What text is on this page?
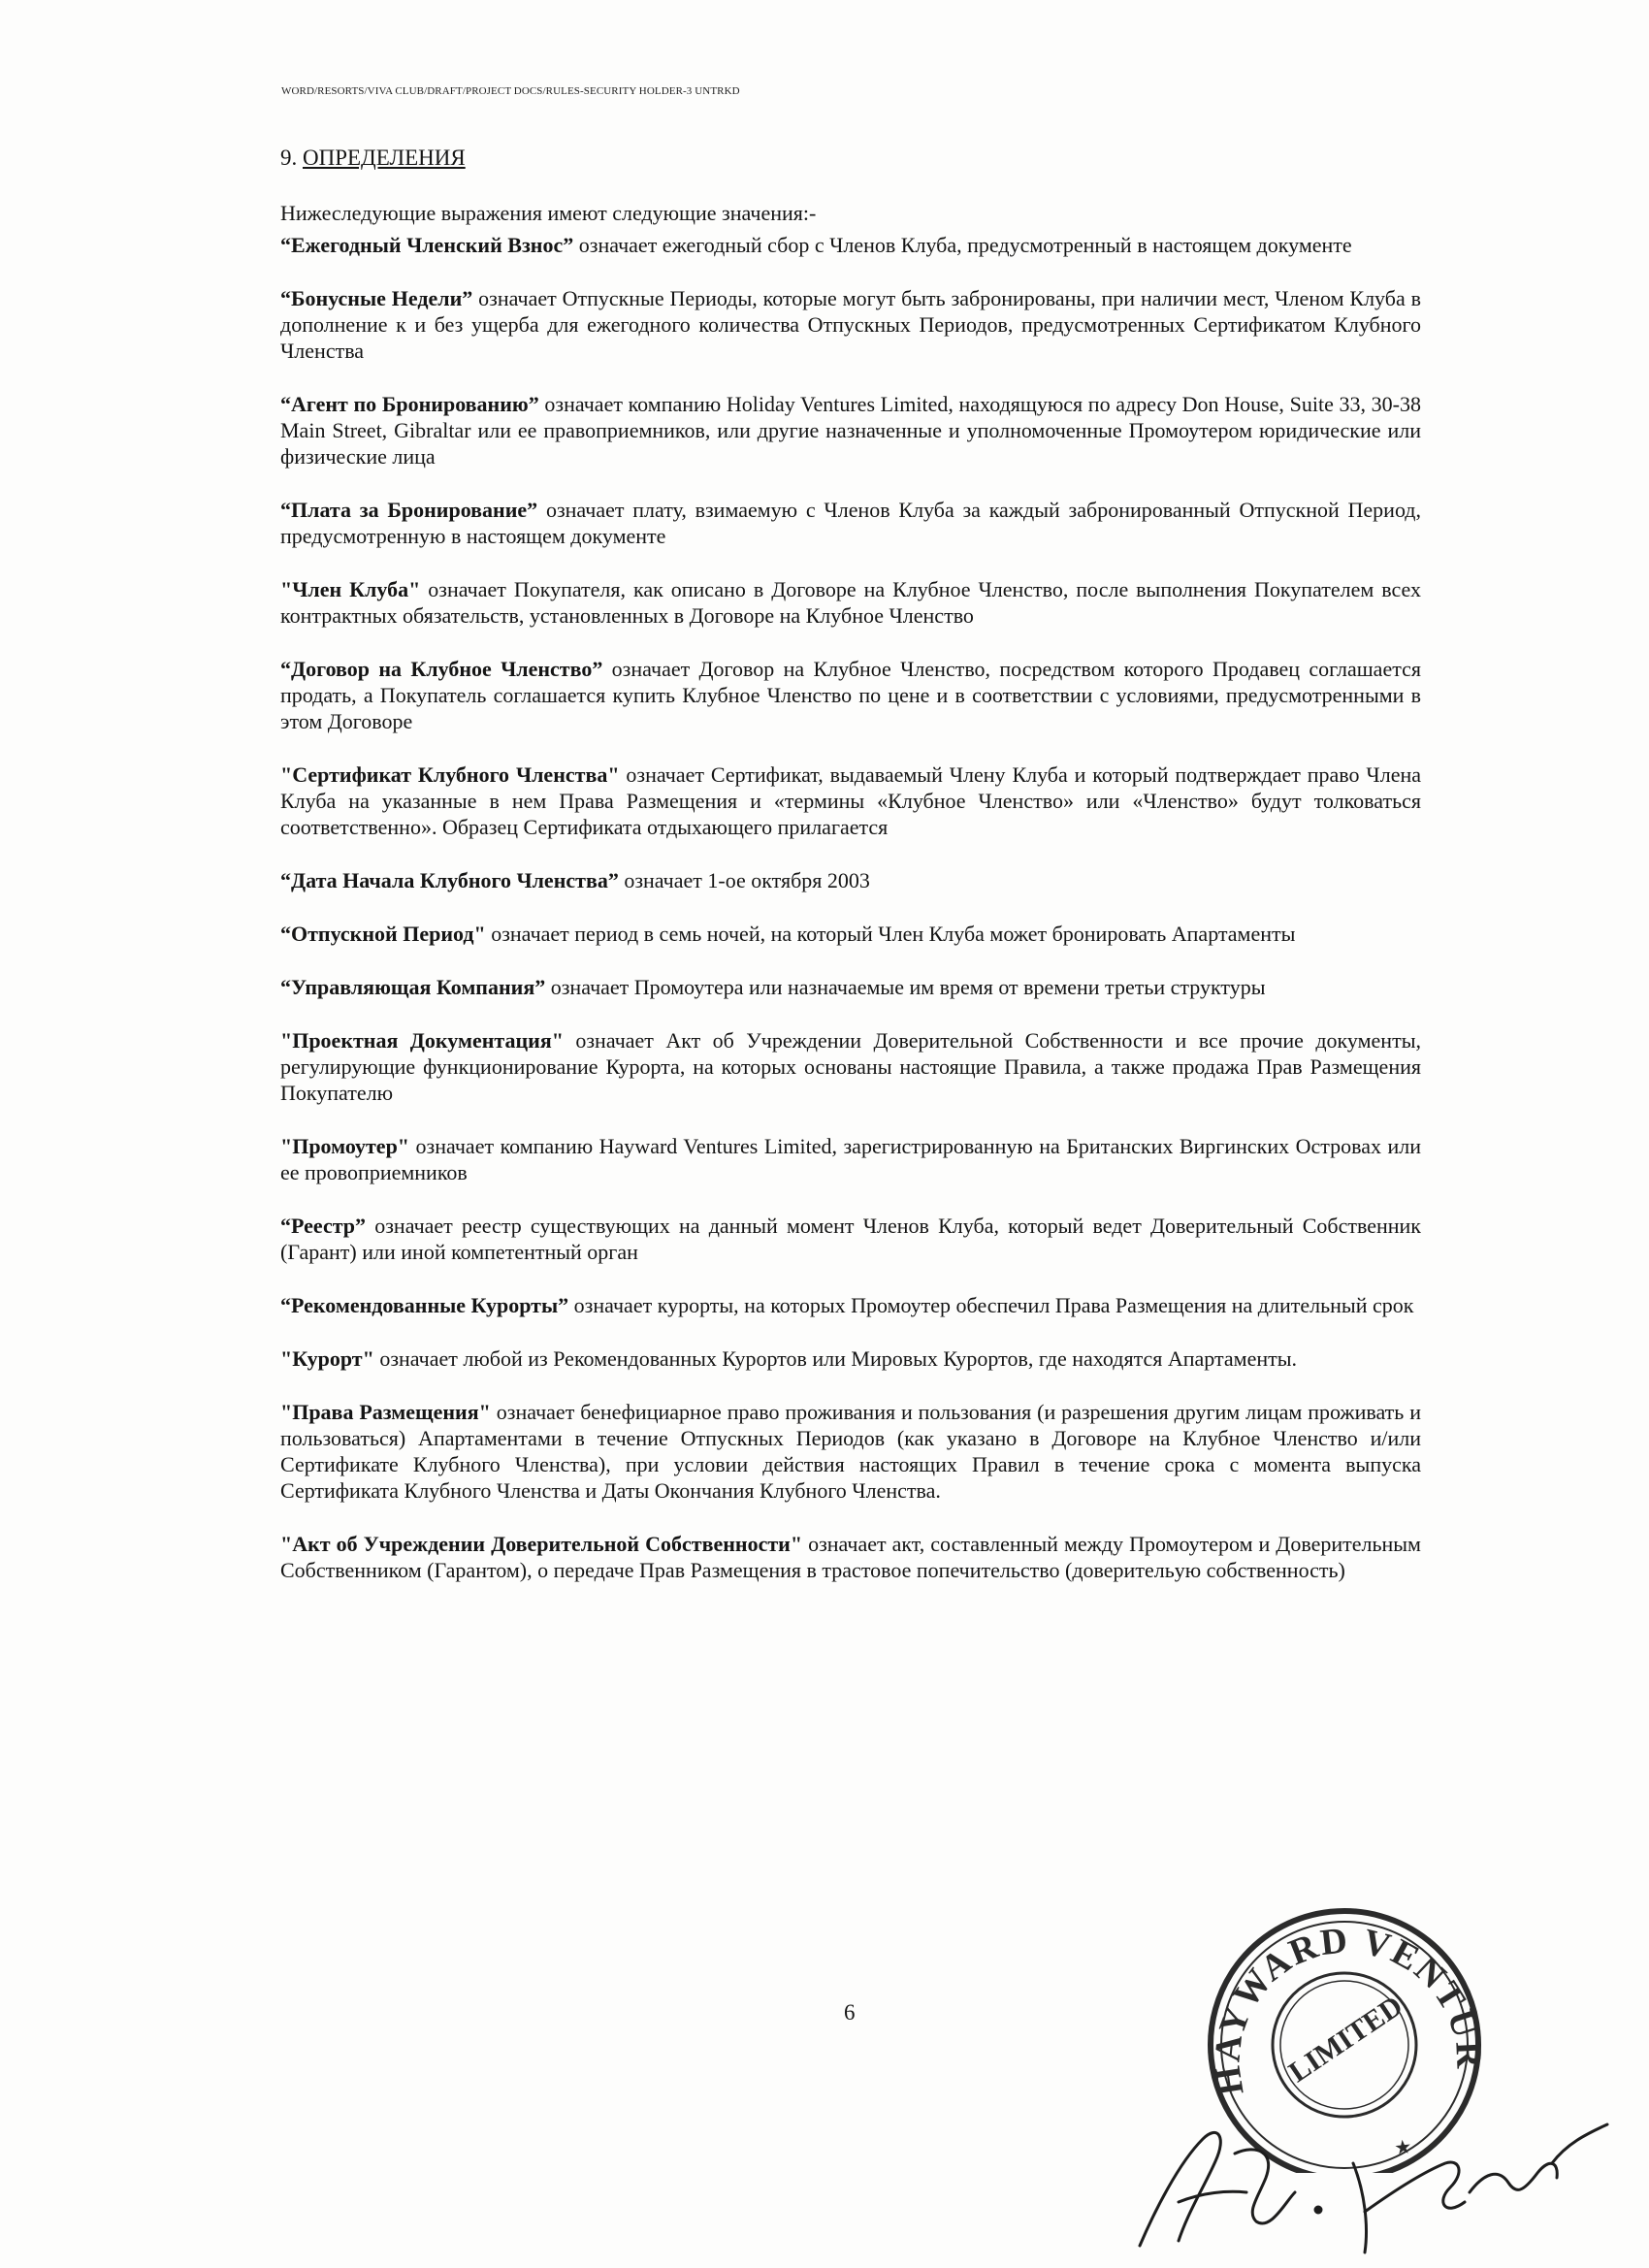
WORD/RESORTS/VIVA CLUB/DRAFT/PROJECT DOCS/RULES-SECURITY HOLDER-3 UNTRKD
9. ОПРЕДЕЛЕНИЯ

Нижеследующие выражения имеют следующие значения:-

“Ежегодный Членский Взнос” означает ежегодный сбор с Членов Клуба, предусмотренный в настоящем документе

“Бонусные Недели” означает Отпускные Периоды, которые могут быть забронированы, при наличии мест, Членом Клуба в дополнение к и без ущерба для ежегодного количества Отпускных Периодов, предусмотренных Сертификатом Клубного Членства

“Агент по Бронированию” означает компанию Holiday Ventures Limited, находящуюся по адресу Don House, Suite 33, 30-38 Main Street, Gibraltar или ее правоприемников, или другие назначенные и уполномоченные Промоутером юридические или физические лица

“Плата за Бронирование” означает плату, взимаемую с Членов Клуба за каждый забронированный Отпускной Период, предусмотренную в настоящем документе

"Член Клуба" означает Покупателя, как описано в Договоре на Клубное Членство, после выполнения Покупателем всех контрактных обязательств, установленных в Договоре на Клубное Членство

“Договор на Клубное Членство” означает Договор на Клубное Членство, посредством которого Продавец соглашается продать, а Покупатель соглашается купить Клубное Членство по цене и в соответствии с условиями, предусмотренными в этом Договоре

"Сертификат Клубного Членства" означает Сертификат, выдаваемый Члену Клуба и который подтверждает право Члена Клуба на указанные в нем Права Размещения и «термины «Клубное Членство» или «Членство» будут толковаться соответственно». Образец Сертификата отдыхающего прилагается

“Дата Начала Клубного Членства” означает 1-ое октября 2003

“Отпускной Период" означает период в семь ночей, на который Член Клуба может бронировать Апартаменты

“Управляющая Компания” означает Промоутера или назначаемые им время от времени третьи структуры

"Проектная Документация" означает Акт об Учреждении Доверительной Собственности и все прочие документы, регулирующие функционирование Курорта, на которых основаны настоящие Правила, а также продажа Прав Размещения Покупателю

"Промоутер" означает компанию Hayward Ventures Limited, зарегистрированную на Британских Виргинских Островах или ее провоприемников

“Реестр” означает реестр существующих на данный момент Членов Клуба, который ведет Доверительный Собственник (Гарант) или иной компетентный орган

“Рекомендованные Курорты” означает курорты, на которых Промоутер обеспечил Права Размещения на длительный срок

"Курорт" означает любой из Рекомендованных Курортов или Мировых Курортов, где находятся Апартаменты.

"Права Размещения" означает бенефициарное право проживания и пользования (и разрешения другим лицам проживать и пользоваться) Апартаментами в течение Отпускных Периодов (как указано в Договоре на Клубное Членство и/или Сертификате Клубного Членства), при условии действия настоящих Правил в течение срока с момента выпуска Сертификата Клубного Членства и Даты Окончания Клубного Членства.

"Акт об Учреждении Доверительной Собственности" означает акт, составленный между Промоутером и Доверительным Собственником (Гарантом), о передаче Прав Размещения в трастовое попечительство (доверительую собственность)

6
HAYWARD VENTURES
LIMITED
★
